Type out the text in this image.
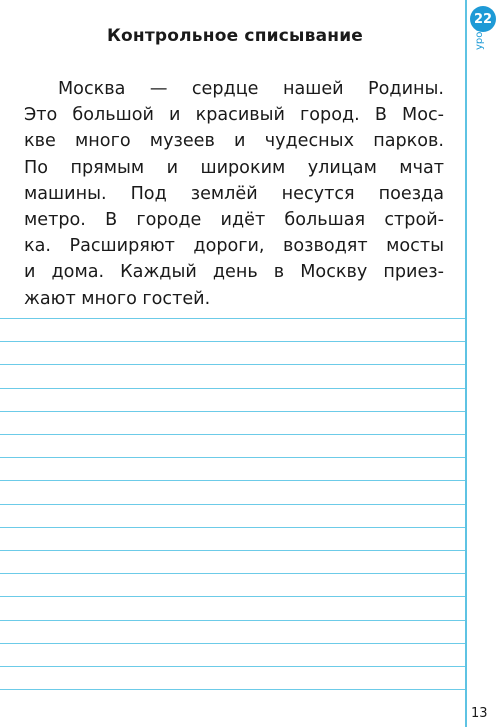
22
урок
Контрольное списывание
Москва — сердце нашей Родины.
Это большой и красивый город. В Мос-
кве много музеев и чудесных парков.
По прямым и широким улицам мчат
машины. Под землёй несутся поезда
метро. В городе идёт большая строй-
ка. Расширяют дороги, возводят мосты
и дома. Каждый день в Москву приез-
жают много гостей.
13
